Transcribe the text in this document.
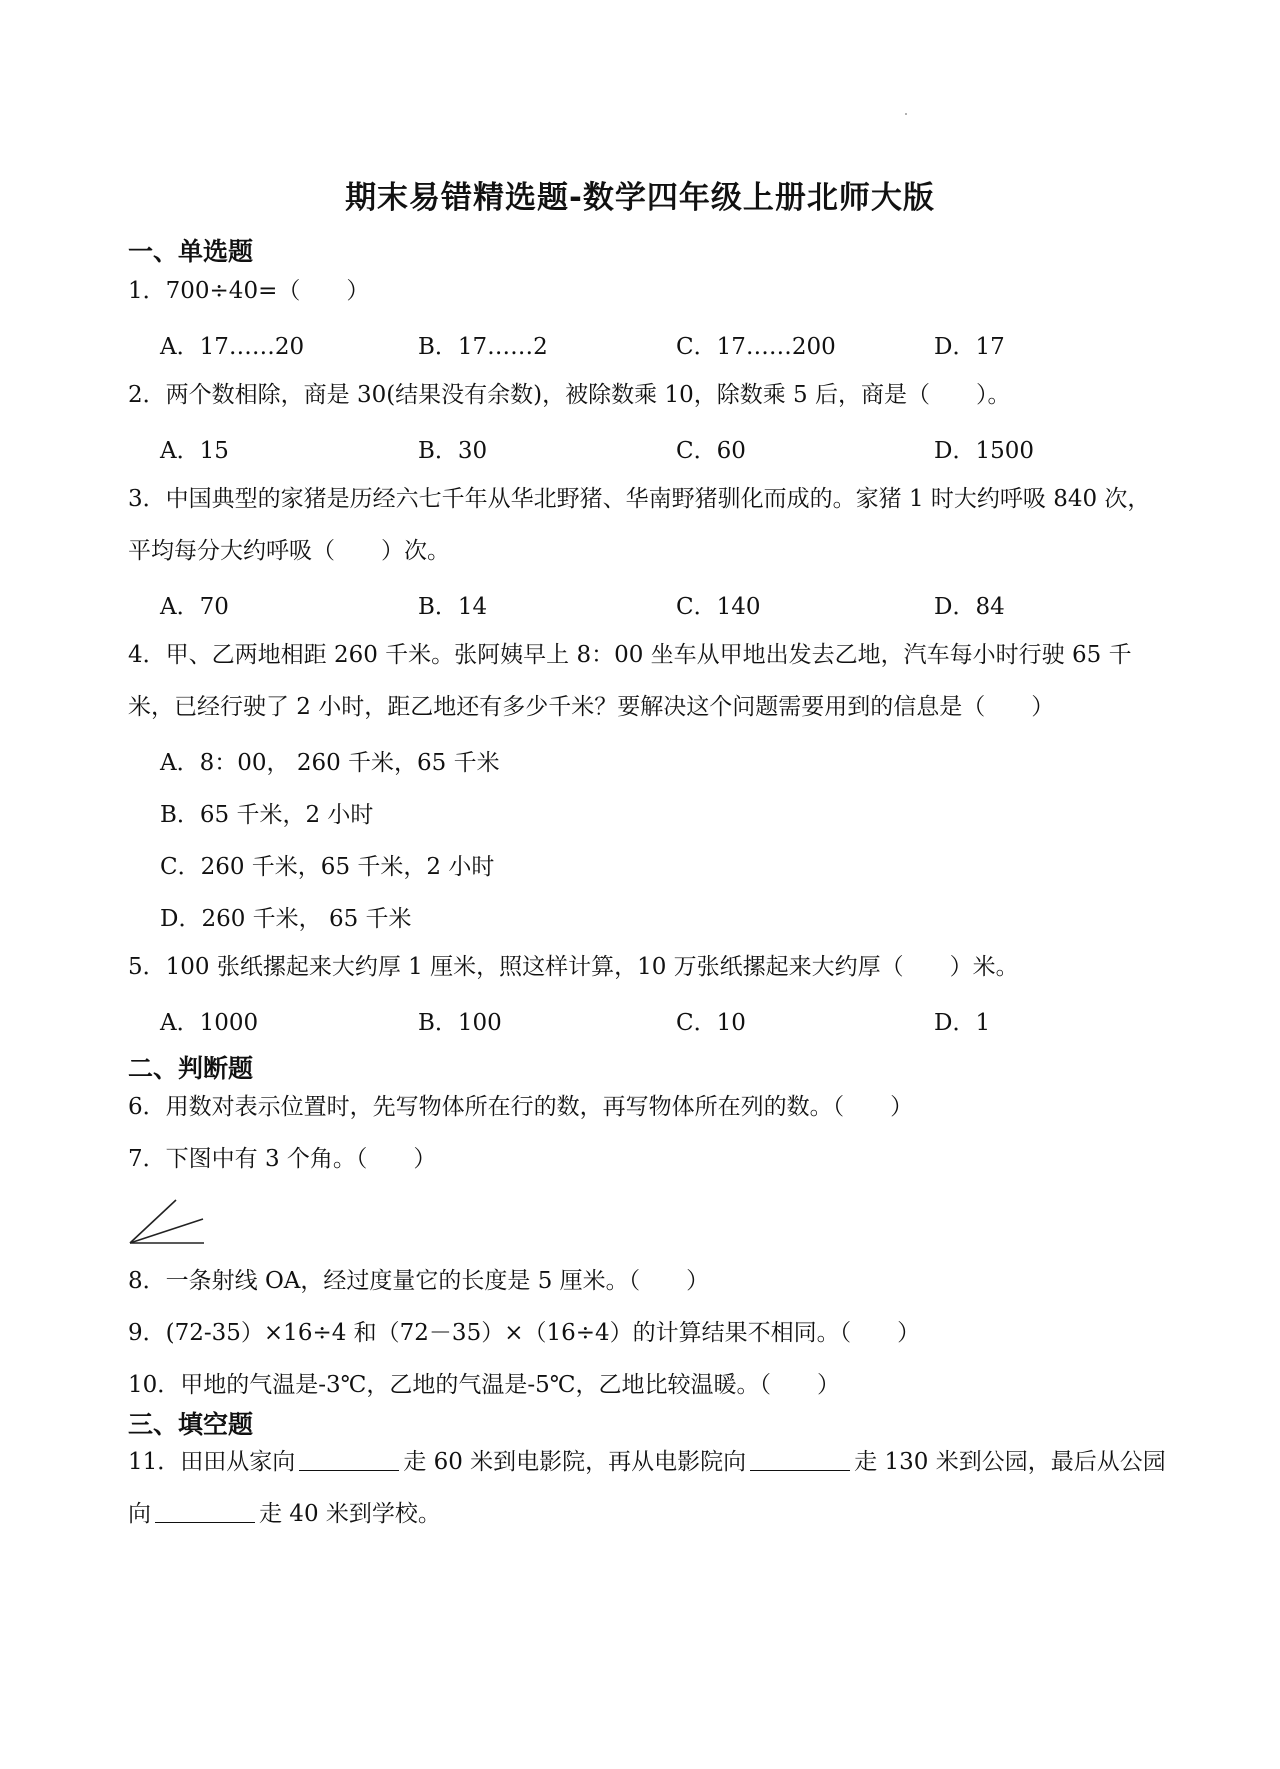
期末易错精选题-数学四年级上册北师大版
一、单选题
1．700÷40=（　　）
A．17……20	B．17……2	C．17……200	D．17
2．两个数相除，商是 30(结果没有余数)，被除数乘 10，除数乘 5 后，商是（　　）。
A．15	B．30	C．60	D．1500
3．中国典型的家猪是历经六七千年从华北野猪、华南野猪驯化而成的。家猪 1 时大约呼吸 840 次，
平均每分大约呼吸（　　）次。
A．70	B．14	C．140	D．84
4．甲、乙两地相距 260 千米。张阿姨早上 8：00 坐车从甲地出发去乙地，汽车每小时行驶 65 千
米，已经行驶了 2 小时，距乙地还有多少千米？要解决这个问题需要用到的信息是（　　）
A．8：00， 260 千米，65 千米
B．65 千米，2 小时
C．260 千米，65 千米，2 小时
D．260 千米， 65 千米
5．100 张纸摞起来大约厚 1 厘米，照这样计算，10 万张纸摞起来大约厚（　　）米。
A．1000	B．100	C．10	D．1
二、判断题
6．用数对表示位置时，先写物体所在行的数，再写物体所在列的数。（　　）
7．下图中有 3 个角。（　　）
8．一条射线 OA，经过度量它的长度是 5 厘米。（　　）
9．(72-35）×16÷4 和（72－35）×（16÷4）的计算结果不相同。（　　）
10．甲地的气温是-3℃，乙地的气温是-5℃，乙地比较温暖。（　　）
三、填空题
11．田田从家向	走 60 米到电影院，再从电影院向	走 130 米到公园，最后从公园
向	走 40 米到学校。
